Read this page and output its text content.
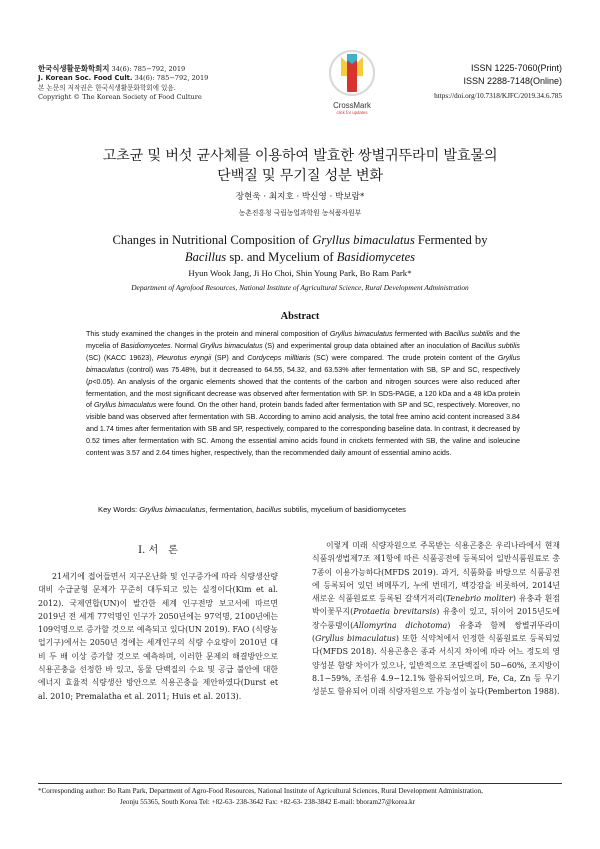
한국식생활문화학회지 34(6): 785−792, 2019
J. Korean Soc. Food Cult. 34(6): 785−792, 2019
본 논문의 저작권은 한국식생활문화학회에 있음.
Copyright © The Korean Society of Food Culture
CrossMark
click for updates
ISSN 1225-7060(Print)
ISSN 2288-7148(Online)
https://doi.org/10.7318/KJFC/2019.34.6.785
고초균 및 버섯 균사체를 이용하여 발효한 쌍별귀뚜라미 발효물의
단백질 및 무기질 성분 변화
장현욱 · 최지호 · 박신영 · 박보람*
농촌진흥청 국립농업과학원 농식품자원부
Changes in Nutritional Composition of Gryllus bimaculatus Fermented by
Bacillus sp. and Mycelium of Basidiomycetes
Hyun Wook Jang, Ji Ho Choi, Shin Young Park, Bo Ram Park*
Department of Agrofood Resources, National Institute of Agricultural Science, Rural Development Administration
Abstract
This study examined the changes in the protein and mineral composition of Gryllus bimaculatus fermented with Bacillus subtilis and the mycelia of Basidiomycetes. Normal Gryllus bimaculatus (S) and experimental group data obtained after an inoculation of Bacillus subtilis (SC) (KACC 19623), Pleurotus eryngii (SP) and Cordyceps milltiaris (SC) were compared. The crude protein content of the Gryllus bimaculatus (control) was 75.48%, but it decreased to 64.55, 54.32, and 63.53% after fermentation with SB, SP and SC, respectively (p<0.05). An analysis of the organic elements showed that the contents of the carbon and nitrogen sources were also reduced after fermentation, and the most significant decrease was observed after fermentation with SP. In SDS-PAGE, a 120 kDa and a 48 kDa protein of Gryllus bimaculatus were found. On the other hand, protein bands faded after fermentation with SP and SC, respectively. Moreover, no visible band was observed after fermentation with SB. According to amino acid analysis, the total free amino acid content increased 3.84 and 1.74 times after fermentation with SB and SP, respectively, compared to the corresponding baseline data. In contrast, it decreased by 0.52 times after fermentation with SC. Among the essential amino acids found in crickets fermented with SB, the valine and isoleucine content was 3.57 and 2.64 times higher, respectively, than the recommended daily amount of essential amino acids.
Key Words: Gryllus bimaculatus, fermentation, bacillus subtilis, mycelium of basidiomycetes
Ⅰ. 서　론

21세기에 접어들면서 지구온난화 및 인구증가에 따라 식량생산량 대비 수급균형 문제가 꾸준히 대두되고 있는 실정이다(Kim et al. 2012). 국제연합(UN)이 발간한 세계 인구전망 보고서에 따르면 2019년 전 세계 77억명인 인구가 2050년에는 97억명, 2100년에는 109억명으로 증가할 것으로 예측되고 있다(UN 2019). FAO (식량농업기구)에서는 2050년 경에는 세계인구의 식량 수요량이 2010년 대비 두 배 이상 증가할 것으로 예측하며, 이러한 문제의 해결방안으로 식용곤충을 선정한 바 있고, 동물 단백질의 수요 및 공급 불안에 대한 에너지 효율적 식량생산 방안으로 식용곤충을 제안하였다(Durst et al. 2010; Premalatha et al. 2011; Huis et al. 2013).

이렇게 미래 식량자원으로 주목받는 식용곤충은 우리나라에서 현재식품위생법제7조 제1항에 따른 식품공전에 등록되어 일반식품원료로 총 7종이 이용가능하다(MFDS 2019). 과거, 식품화를 바탕으로 식품공전에 등록되어 있던 벼메뚜기, 누에 번데기, 백강잠을 비롯하여, 2014년 새로운 식품원료로 등록된 갈색거저리(Tenebrio moliter) 유충과 흰점박이꽃무지(Protaetia brevitarsis) 유충이 있고, 뒤이어 2015년도에 장수풍뎅이(Allomyrina dichotoma) 유충과 함께 쌍별귀뚜라미(Gryllus bimaculatus) 또한 식약처에서 인정한 식품원료로 등록되었다(MFDS 2018). 식용곤충은 종과 서식지 차이에 따라 어느 정도의 영양성분 함량 차이가 있으나, 일반적으로 조단백질이 50−60%, 조지방이 8.1−59%, 조섬유 4.9−12.1% 함유되어있으며, Fe, Ca, Zn 등 무기성분도 함유되어 미래 식량자원으로 가능성이 높다(Pemberton 1988).

*Corresponding author: Bo Ram Park, Department of Agro-Food Resources, National Institute of Agricultural Sciences, Rural Development Administration,
Jeonju 55365, South Korea Tel: +82-63- 238-3642 Fax: +82-63- 238-3842 E-mail: bboram27@korea.kr
